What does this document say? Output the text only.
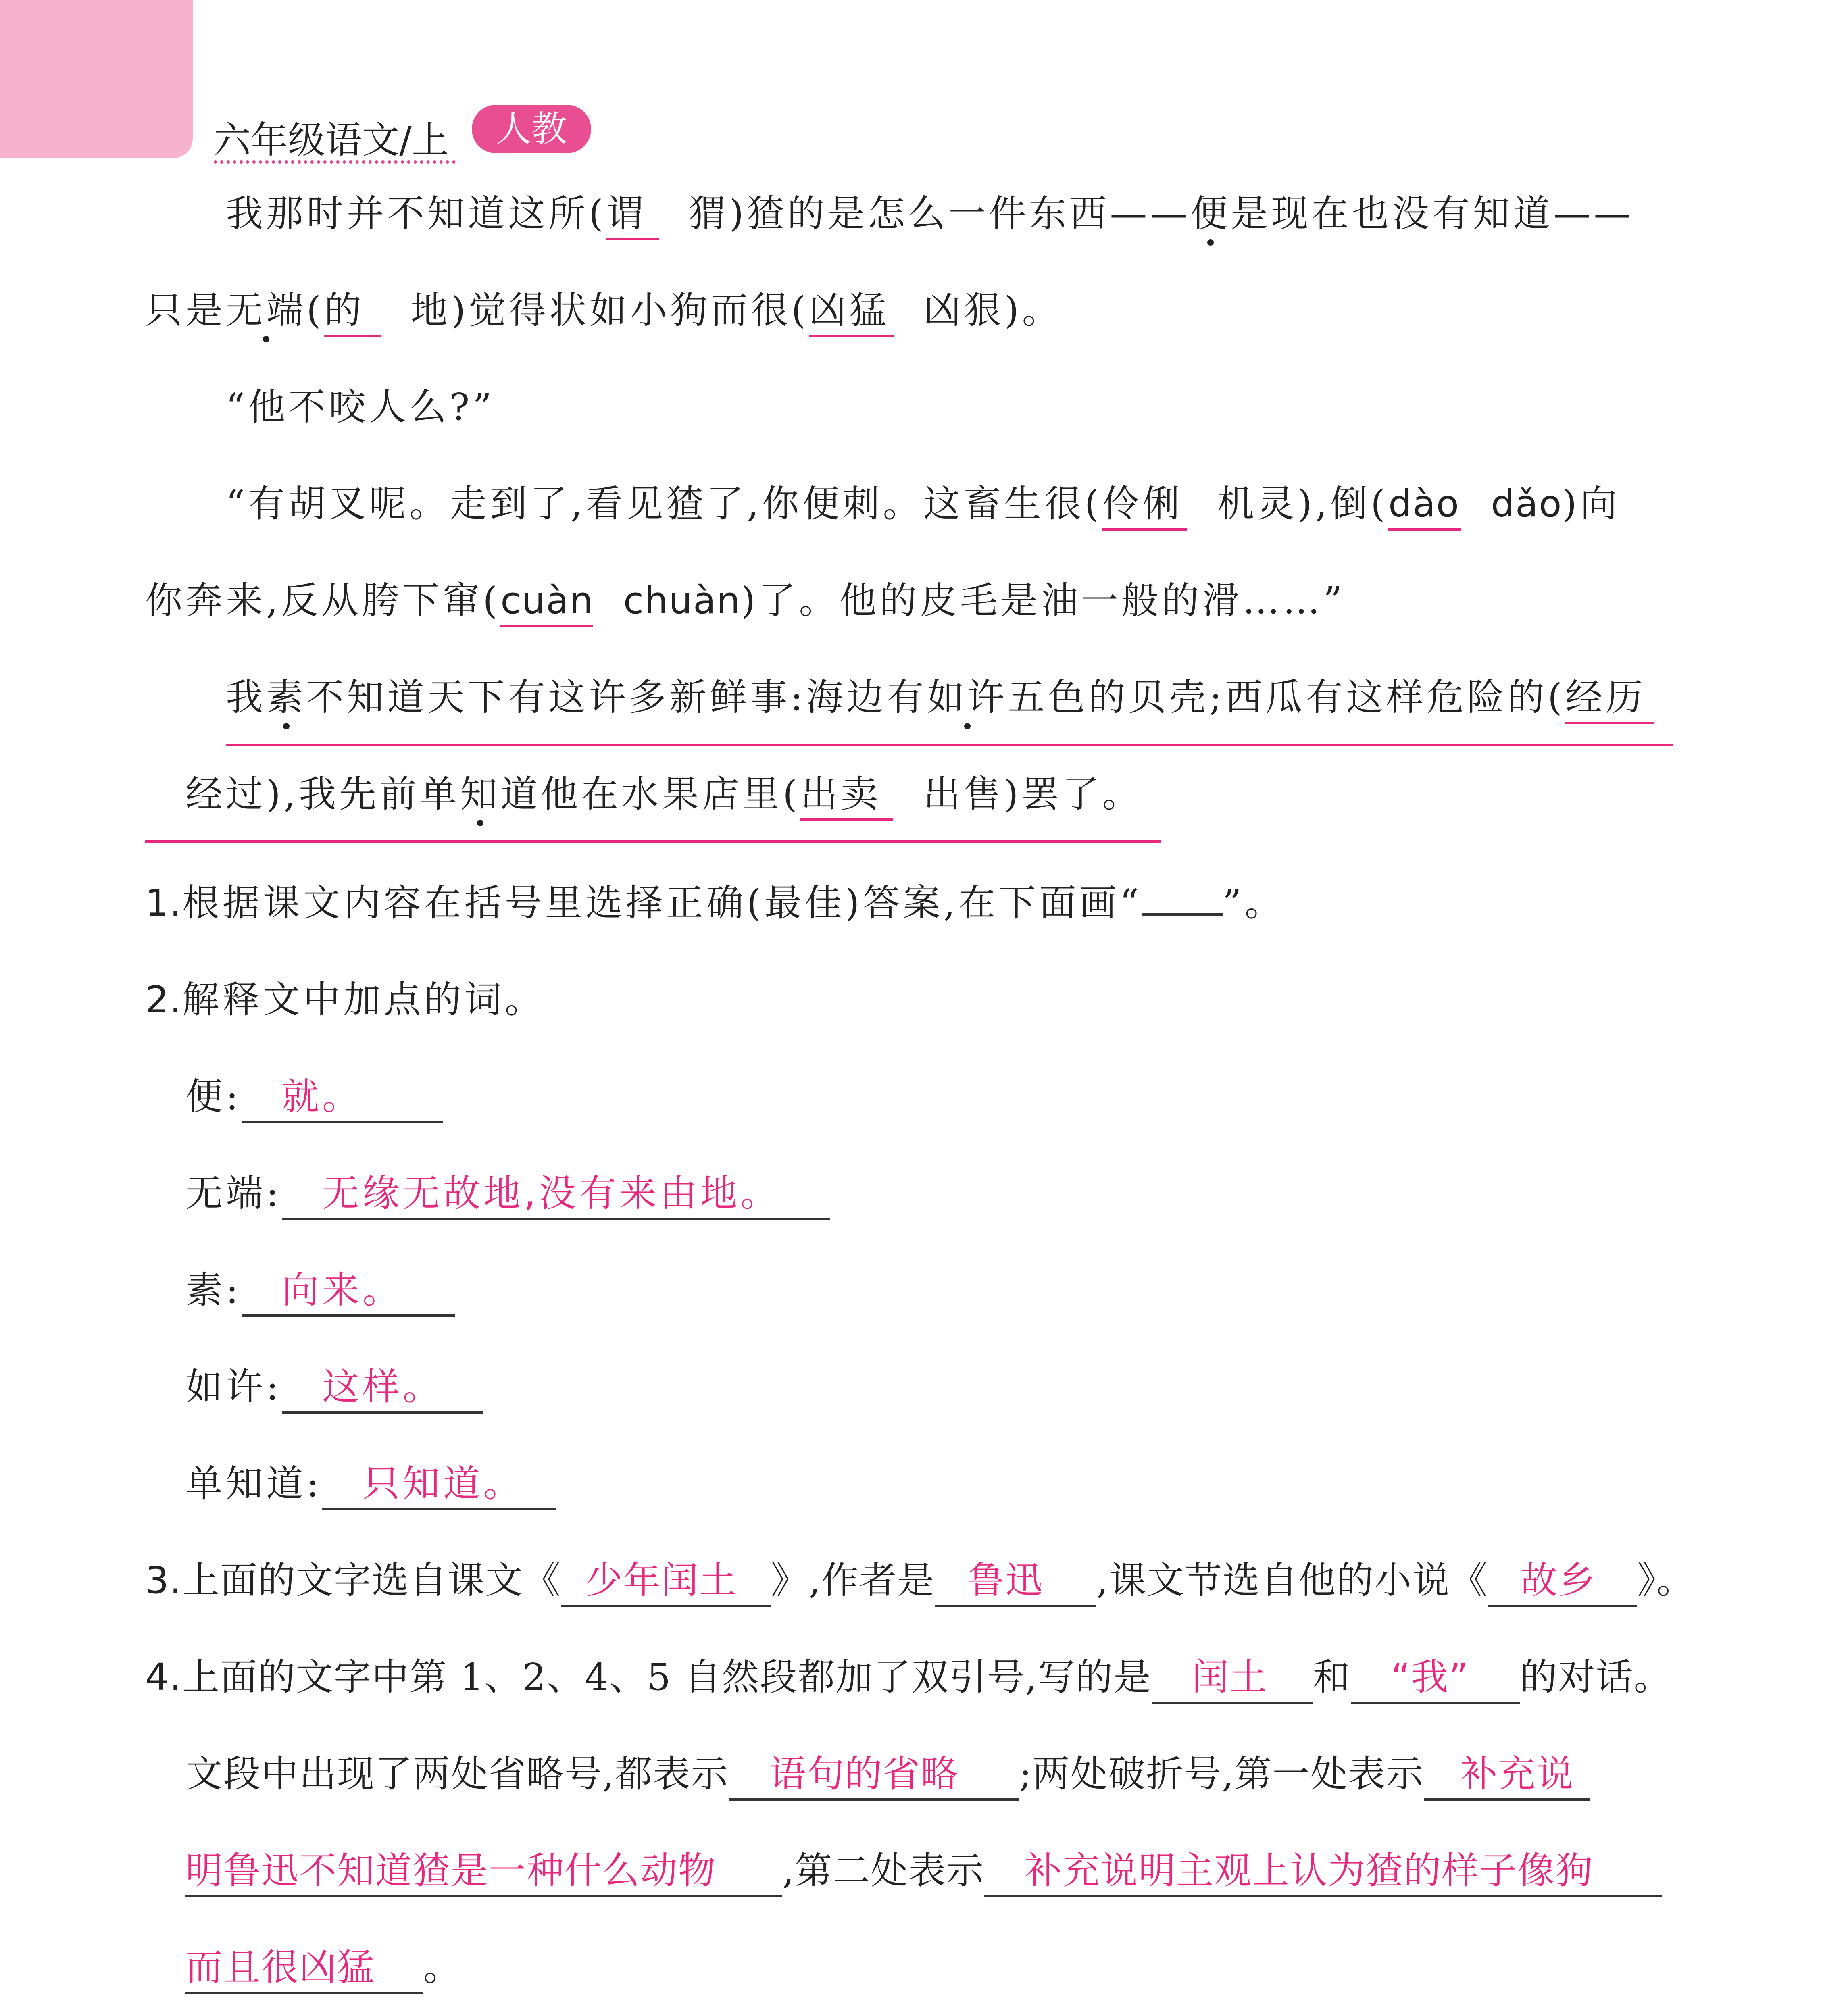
六年级语文/上	人教
我那时并不知道这所(谓 猬)猹的是怎么一件东西——便是现在也没有知道——
只是无端(的 地)觉得状如小狗而很(凶猛 凶狠)。
“他不咬人么?”
“有胡叉呢。走到了,看见猹了,你便刺。这畜生很(伶俐 机灵),倒(dào dǎo)向
你奔来,反从胯下窜(cuàn chuàn)了。他的皮毛是油一般的滑……”
我素不知道天下有这许多新鲜事:海边有如许五色的贝壳;西瓜有这样危险的(经历
经过),我先前单知道他在水果店里(出卖 出售)罢了。
1.根据课文内容在括号里选择正确(最佳)答案,在下面画“ ”。
2.解释文中加点的词。
便: 就。
无端: 无缘无故地,没有来由地。
素: 向来。
如许: 这样。
单知道: 只知道。
3.上面的文字选自课文《 少年闰土 》,作者是 鲁迅 ,课文节选自他的小说《 故乡 》。
4.上面的文字中第 1、2、4、5 自然段都加了双引号,写的是 闰土 和 “我” 的对话。
文段中出现了两处省略号,都表示 语句的省略 ;两处破折号,第一处表示 补充说
明鲁迅不知道猹是一种什么动物 ,第二处表示 补充说明主观上认为猹的样子像狗
而且很凶猛 。
